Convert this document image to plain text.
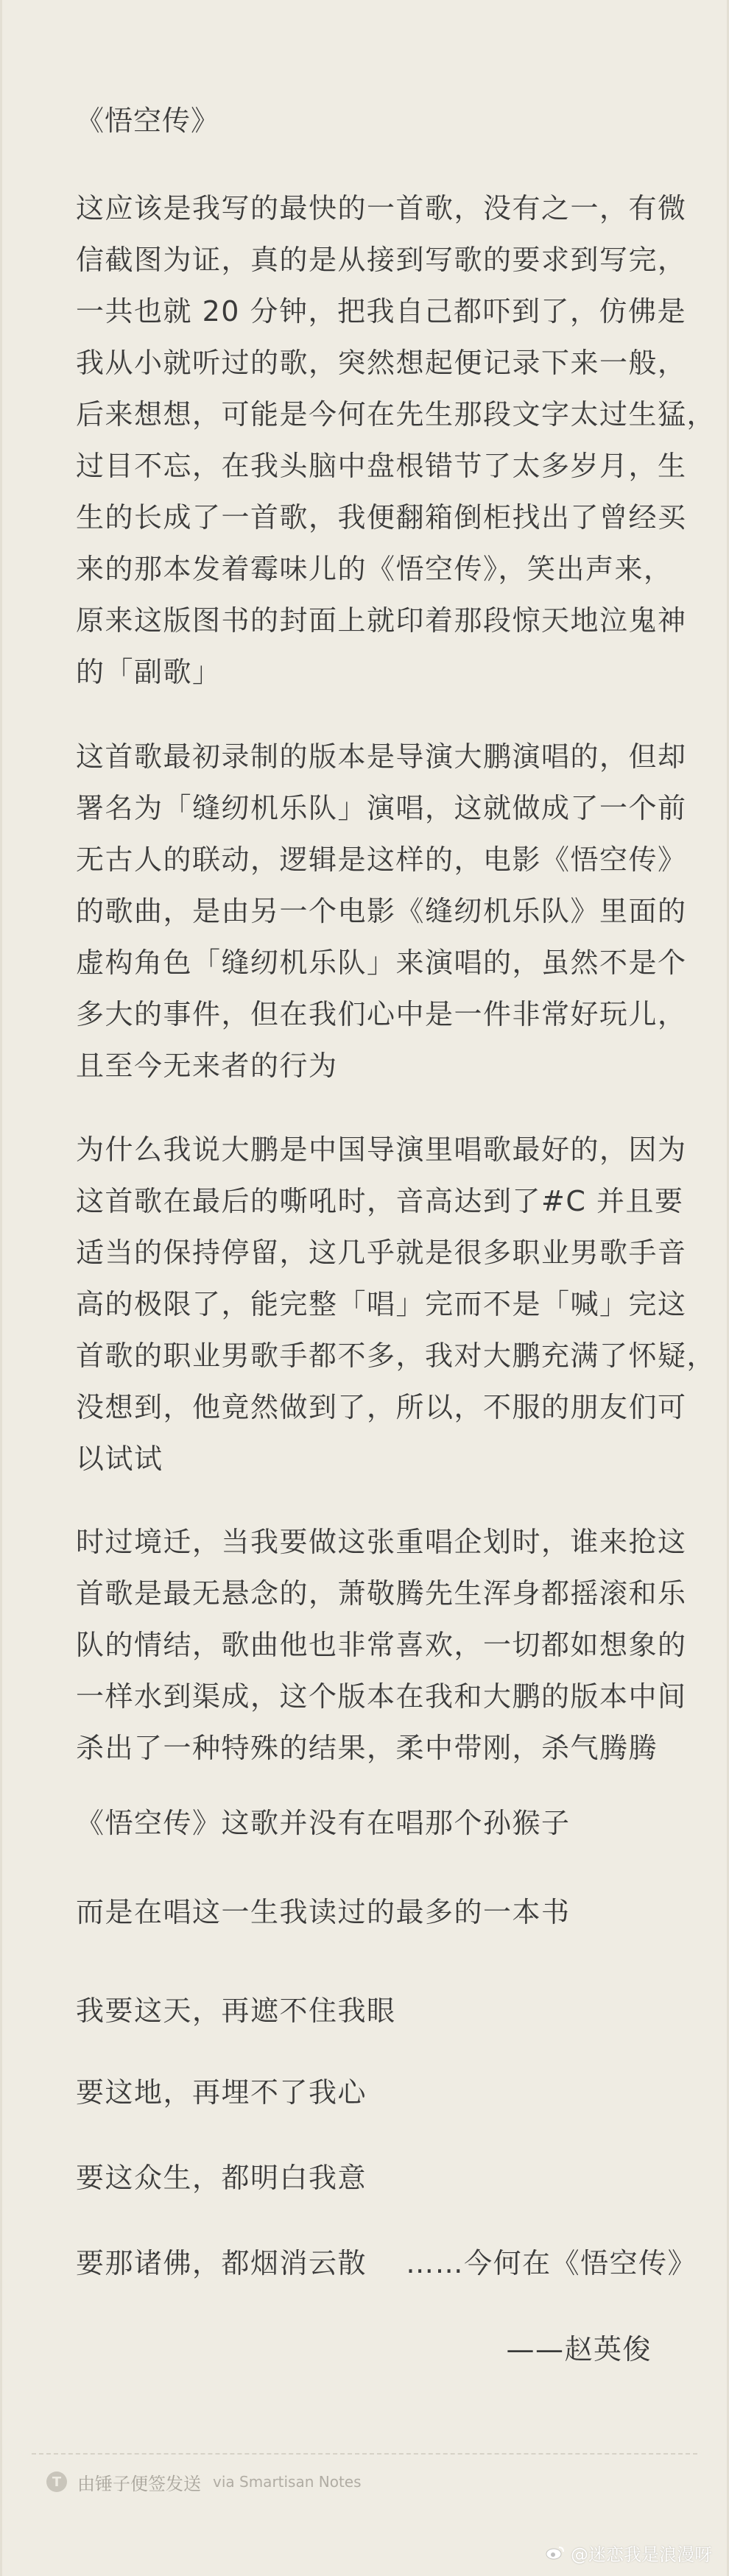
《悟空传》
这应该是我写的最快的一首歌，没有之一，有微
信截图为证，真的是从接到写歌的要求到写完，
一共也就 20 分钟，把我自己都吓到了，仿佛是
我从小就听过的歌，突然想起便记录下来一般，
后来想想，可能是今何在先生那段文字太过生猛，
过目不忘，在我头脑中盘根错节了太多岁月，生
生的长成了一首歌，我便翻箱倒柜找出了曾经买
来的那本发着霉味儿的《悟空传》，笑出声来，
原来这版图书的封面上就印着那段惊天地泣鬼神
的「副歌」
这首歌最初录制的版本是导演大鹏演唱的，但却
署名为「缝纫机乐队」演唱，这就做成了一个前
无古人的联动，逻辑是这样的，电影《悟空传》
的歌曲，是由另一个电影《缝纫机乐队》里面的
虚构角色「缝纫机乐队」来演唱的，虽然不是个
多大的事件，但在我们心中是一件非常好玩儿，
且至今无来者的行为
为什么我说大鹏是中国导演里唱歌最好的，因为
这首歌在最后的嘶吼时，音高达到了#C 并且要
适当的保持停留，这几乎就是很多职业男歌手音
高的极限了，能完整「唱」完而不是「喊」完这
首歌的职业男歌手都不多，我对大鹏充满了怀疑，
没想到，他竟然做到了，所以，不服的朋友们可
以试试
时过境迁，当我要做这张重唱企划时，谁来抢这
首歌是最无悬念的，萧敬腾先生浑身都摇滚和乐
队的情结，歌曲他也非常喜欢，一切都如想象的
一样水到渠成，这个版本在我和大鹏的版本中间
杀出了一种特殊的结果，柔中带刚，杀气腾腾
《悟空传》这歌并没有在唱那个孙猴子
而是在唱这一生我读过的最多的一本书
我要这天，再遮不住我眼
要这地，再埋不了我心
要这众生，都明白我意
要那诸佛，都烟消云散　 ……今何在《悟空传》
——赵英俊
T 由锤子便签发送 via Smartisan Notes
@迷恋我是浪漫呀
